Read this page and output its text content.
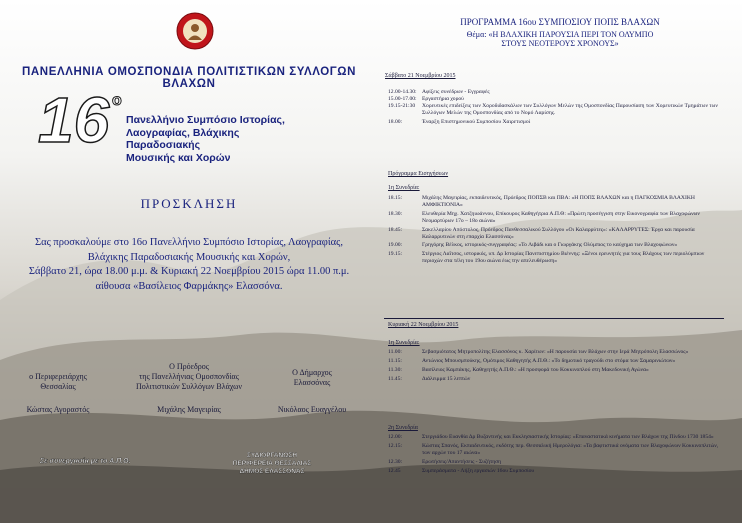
ΠΑΝΕΛΛΗΝΙΑ ΟΜΟΣΠΟΝΔΙΑ ΠΟΛΙΤΙΣΤΙΚΩΝ ΣΥΛΛΟΓΩΝ ΒΛΑΧΩΝ
16 ο
Πανελλήνιο Συμπόσιο Ιστορίας,
Λαογραφίας, Βλάχικης Παραδοσιακής
Μουσικής και Χορών
ΠΡΟΣΚΛΗΣΗ
Σας προσκαλούμε στο 16ο Πανελλήνιο Συμπόσιο Ιστορίας, Λαογραφίας,
Βλάχικης Παραδοσιακής Μουσικής και Χορών,
Σάββατο 21, ώρα 18.00 μ.μ. & Κυριακή 22 Νοεμβρίου 2015 ώρα 11.00 π.μ.
αίθουσα «Βασίλειος Φαρμάκης» Ελασσόνα.
ο Περιφερειάρχης
Θεσσαλίας
Ο Πρόεδρος
της Πανελλήνιας Ομοσπονδίας
Πολιτιστικών Συλλόγων Βλάχων
Ο Δήμαρχος
Ελασσόνας
Κώστας Αγοραστός	Μιχάλης Μαγειρίας	Νικόλαος Ευαγγέλου
Σε συνεργασία με το Α.Π.Θ.
ΣΥΔΙΟΡΓΑΝΩΣΗ
ΠΕΡΙΦΕΡΕΙΑ ΘΕΣΣΑΛΙΑΣ
ΔΗΜΟΣ ΕΛΑΣΣΟΝΑΣ
ΠΡΟΓΡΑΜΜΑ 16ου ΣΥΜΠΟΣΙΟΥ ΠΟΠΣ ΒΛΑΧΩΝ
Θέμα: «Η ΒΛΑΧΙΚΗ ΠΑΡΟΥΣΙΑ ΠΕΡΙ ΤΟΝ ΟΛΥΜΠΟ
ΣΤΟΥΣ ΝΕΟΤΕΡΟΥΣ ΧΡΟΝΟΥΣ»
Σάββατο 21 Νοεμβρίου 2015
12.00-14.30: Αφίξεις συνέδρων - Εγγραφές
15.00-17.00: Εργαστήρια χορού
19.15-21:30	Χορευτικές επιδείξεις των Χοροδιδασκάλων των Συλλόγων Μελών της Ομοσπονδίας Παρουσίαση των Χορευτικών Τμημάτων των Συλλόγων Μελών της Ομοσπονδίας από το Νομό Λαρίσης.
18.00:	Έναρξη Επιστημονικού Συμποσίου Χαιρετισμοί
Πρόγραμμα Εισηγήσεων
1η Συνεδρία:
18.15:	Μιχάλης Μαγειρίας, εκπαιδευτικός, Πρόεδρος ΠΟΠΣΒ και ΠΒΑ: «Η ΠΟΠΣ ΒΛΑΧΩΝ και η ΠΑΓΚΟΣΜΙΑ ΒΛΑΧΙΚΗ ΑΜΦΙΚΤΙΟΝΙΑ»
18.30:	Ελευθερία Μηχ. Χατζηιωάννου, Επίκουρος Καθηγήτρια Α.Π.Θ: «Πρώτη προσέγγιση στην Εικονογραφία των Βλαχοφώνων Νεομαρτύρων 17ο – 18ο αιώνα»
18.45:	Σακελλαρίου Απόστολος, Πρόεδρος Πανθεσσαλικού Συλλόγου «Οι Καλαρρύτες»: «ΚΑΛΑΡΡΥΤΕΣ: Έργα και παρουσία Καλαρρυτινών στη επαρχία Ελασσόνας»
19.00:	Γρηγόρης Βέλκος, ιστορικός-συγγραφέας: «Το Λιβάδι και ο Γιωργάκης Ολύμπιος το καύχημα των Βλαχοφώνων»
19.15:	Στέργιος Λαΐτσος, ιστορικός, υπ. Δρ Ιστορίας Πανεπιστημίου Βιέννης: «Ξένοι ερευνητές για τους Βλάχους των περιολύμπιων περιοχών στα τέλη του 19ου αιώνα έως την απελευθέρωση»
Κυριακή 22 Νοεμβρίου 2015
1η Συνεδρία:
11.00:	Σεβασμιότατος Μητροπολίτης Ελασσόνος κ. Χαρίτων: «Η παρουσία των Βλάχων στην Ιερά Μητρόπολη Ελασσώνος»
11.15:	Αντώνιος Μπουσμπούκης, Ομότιμος Καθηγητής Α.Π.Θ.: «Το δημοτικό τραγούδι στο στόμα των Σαμαρινιώτων»
11.30:	Βασίλειος Καμπάκης, Καθηγητής Α.Π.Θ.: «Η προσφορά του Κοκκινοπλού στη Μακεδονική Αγώνα»
11.45:	Διάλειμμα 15 λεπτών
2η Συνεδρία
12.00:	Στεργιάδου Ευανθία Δρ Βυζαντινής και Εκκλησιαστικής Ιστορίας: «Επαναστατικά κινήματα των Βλάχων της Πίνδου 1730 1854»
12.15:	Κώστας Σπανός, Εκπαιδευτικός, εκδότης περ. Θεσσαλική Ημερολόγια: «Τα βαφτιστικά ονόματα των Βλαχοφώνων Κοκκινοπλιτών, των αρχών του 17 αιώνα»
12.30:	Ερωτήσεις/Απαντήσεις - Συζήτηση
12.45	Συμπεράσματα - Λήξη εργασιών 16ου Συμποσίου
